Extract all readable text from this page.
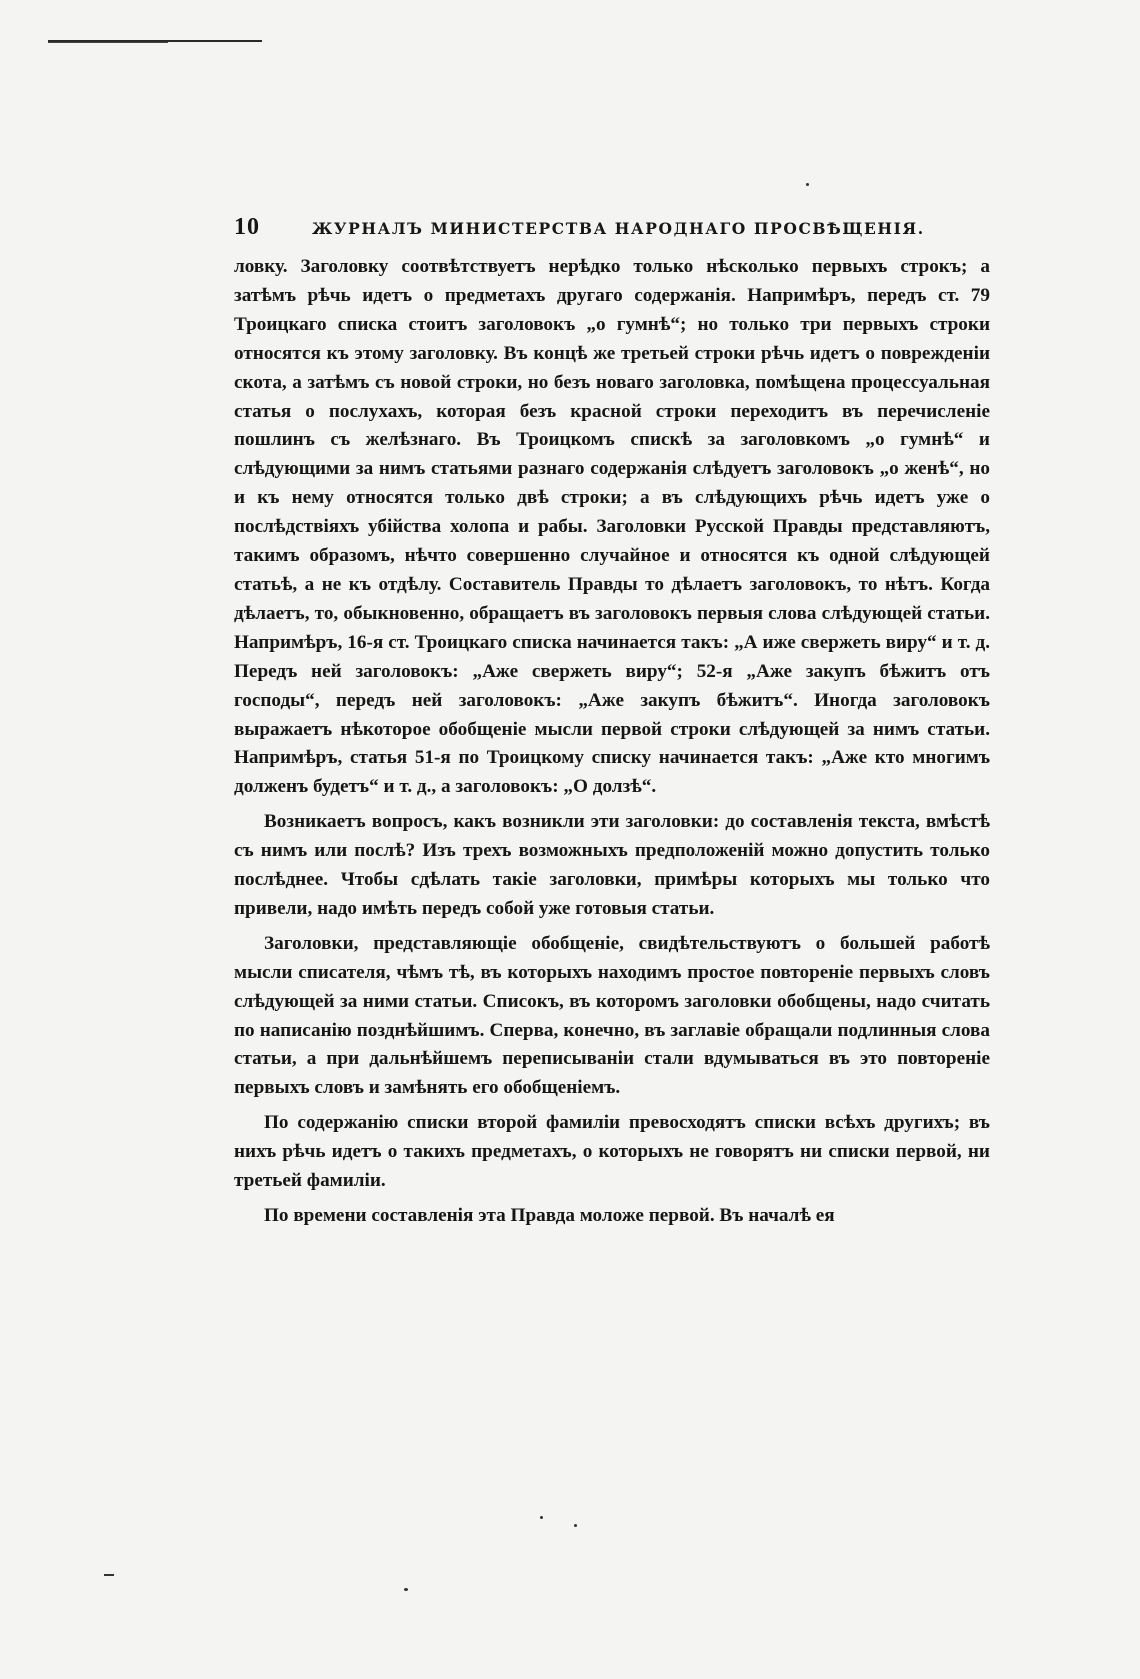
10	ЖУРНАЛЪ МИНИСТЕРСТВА НАРОДНАГО ПРОСВѢЩЕНІЯ.

ловку. Заголовку соотвѣтствуетъ нерѣдко только нѣсколько первыхъ строкъ; а затѣмъ рѣчь идетъ о предметахъ другаго содержанія. Напримѣръ, передъ ст. 79 Троицкаго списка стоитъ заголовокъ „о гумнѣ“; но только три первыхъ строки относятся къ этому заголовку. Въ концѣ же третьей строки рѣчь идетъ о поврежденіи скота, а затѣмъ съ новой строки, но безъ новаго заголовка, помѣщена процессуальная статья о послухахъ, которая безъ красной строки переходитъ въ перечисленіе пошлинъ съ желѣзнаго. Въ Троицкомъ спискѣ за заголовкомъ „о гумнѣ“ и слѣдующими за нимъ статьями разнаго содержанія слѣдуетъ заголовокъ „о женѣ“, но и къ нему относятся только двѣ строки; а въ слѣдующихъ рѣчь идетъ уже о послѣдствіяхъ убійства холопа и рабы. Заголовки Русской Правды представляютъ, такимъ образомъ, нѣчто совершенно случайное и относятся къ одной слѣдующей статьѣ, а не къ отдѣлу. Составитель Правды то дѣлаетъ заголовокъ, то нѣтъ. Когда дѣлаетъ, то, обыкновенно, обращаетъ въ заголовокъ первыя слова слѣдующей статьи. Напримѣръ, 16-я ст. Троицкаго списка начинается такъ: „А иже свержеть виру“ и т. д. Передъ ней заголовокъ: „Аже свержеть виру“; 52-я „Аже закупъ бѣжитъ отъ господы“, передъ ней заголовокъ: „Аже закупъ бѣжитъ“. Иногда заголовокъ выражаетъ нѣкоторое обобщеніе мысли первой строки слѣдующей за нимъ статьи. Напримѣръ, статья 51-я по Троицкому списку начинается такъ: „Аже кто многимъ долженъ будетъ“ и т. д., а заголовокъ: „О долзѣ“.

Возникаетъ вопросъ, какъ возникли эти заголовки: до составленія текста, вмѣстѣ съ нимъ или послѣ? Изъ трехъ возможныхъ предположеній можно допустить только послѣднее. Чтобы сдѣлать такіе заголовки, примѣры которыхъ мы только что привели, надо имѣть передъ собой уже готовыя статьи.

Заголовки, представляющіе обобщеніе, свидѣтельствуютъ о большей работѣ мысли списателя, чѣмъ тѣ, въ которыхъ находимъ простое повтореніе первыхъ словъ слѣдующей за ними статьи. Списокъ, въ которомъ заголовки обобщены, надо считать по написанію позднѣйшимъ. Сперва, конечно, въ заглавіе обращали подлинныя слова статьи, а при дальнѣйшемъ переписываніи стали вдумываться въ это повтореніе первыхъ словъ и замѣнять его обобщеніемъ.

По содержанію списки второй фамиліи превосходятъ списки всѣхъ другихъ; въ нихъ рѣчь идетъ о такихъ предметахъ, о которыхъ не говорятъ ни списки первой, ни третьей фамиліи.

По времени составленія эта Правда моложе первой. Въ началѣ ея
